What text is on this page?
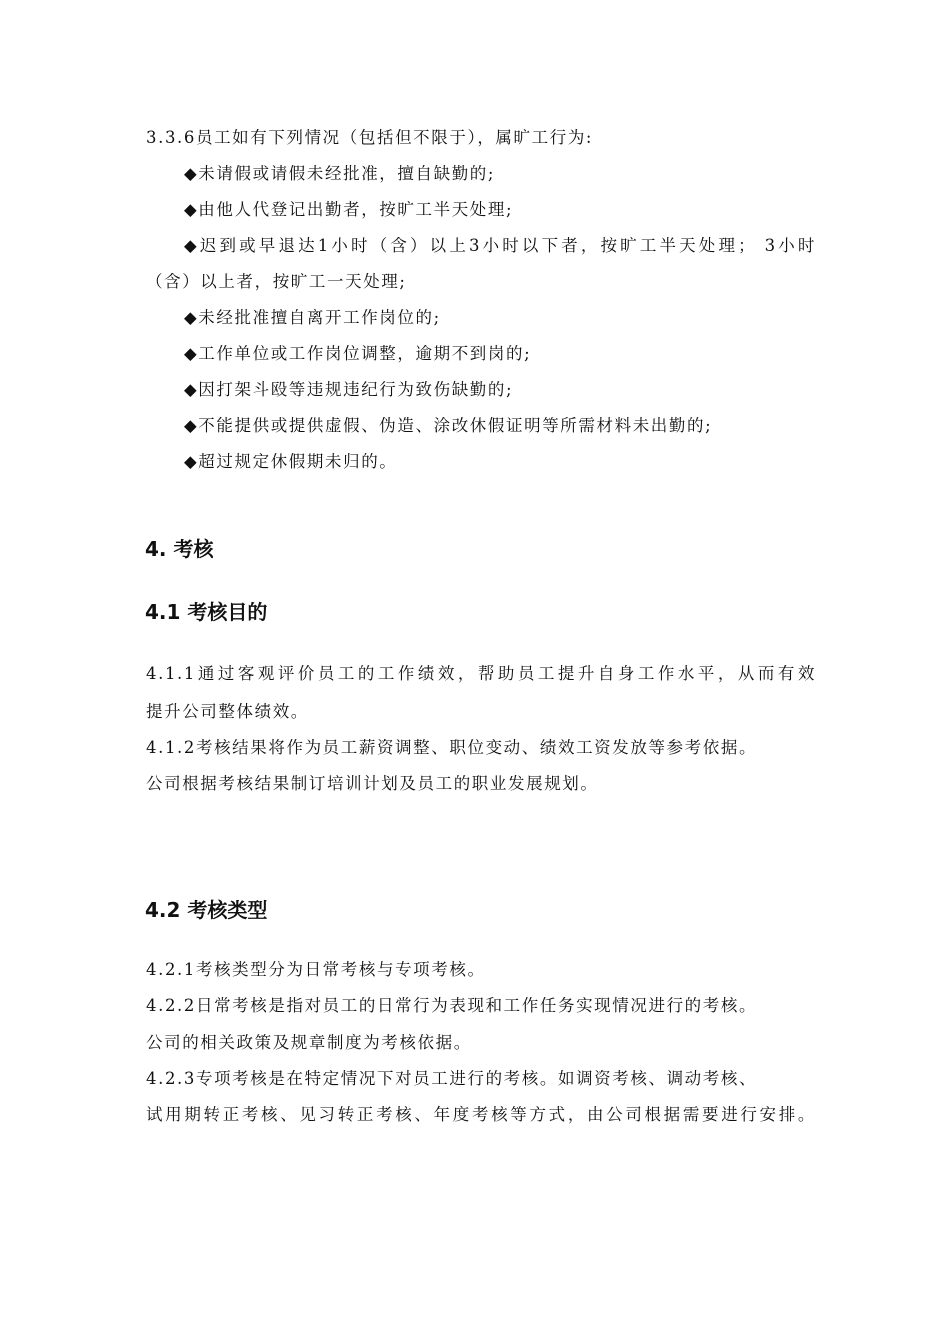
3.3.6员工如有下列情况（包括但不限于），属旷工行为:
◆未请假或请假未经批准，擅自缺勤的;
◆由他人代登记出勤者，按旷工半天处理;
◆迟到或早退达1小时（含）以上3小时以下者，按旷工半天处理； 3小时
（含）以上者，按旷工一天处理;
◆未经批准擅自离开工作岗位的;
◆工作单位或工作岗位调整，逾期不到岗的;
◆因打架斗殴等违规违纪行为致伤缺勤的;
◆不能提供或提供虚假、伪造、涂改休假证明等所需材料未出勤的;
◆超过规定休假期未归的。
4. 考核
4.1 考核目的
4.1.1通过客观评价员工的工作绩效，帮助员工提升自身工作水平，从而有效
提升公司整体绩效。
4.1.2考核结果将作为员工薪资调整、职位变动、绩效工资发放等参考依据。
公司根据考核结果制订培训计划及员工的职业发展规划。
4.2 考核类型
4.2.1考核类型分为日常考核与专项考核。
4.2.2日常考核是指对员工的日常行为表现和工作任务实现情况进行的考核。
公司的相关政策及规章制度为考核依据。
4.2.3专项考核是在特定情况下对员工进行的考核。如调资考核、调动考核、
试用期转正考核、见习转正考核、年度考核等方式，由公司根据需要进行安排。
